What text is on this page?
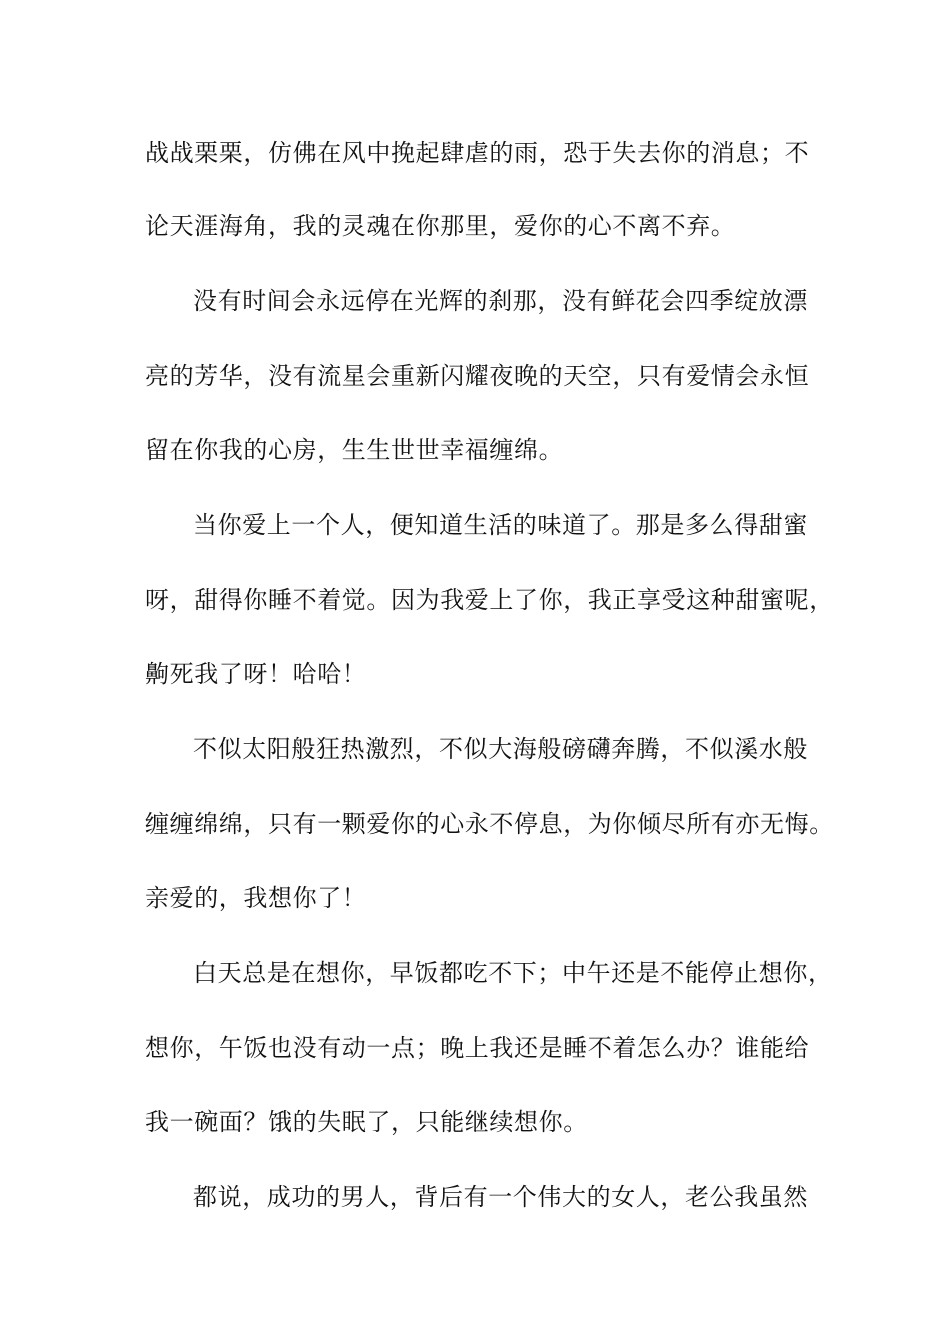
战战栗栗，仿佛在风中挽起肆虐的雨，恐于失去你的消息；不
论天涯海角，我的灵魂在你那里，爱你的心不离不弃。
没有时间会永远停在光辉的刹那，没有鲜花会四季绽放漂
亮的芳华，没有流星会重新闪耀夜晚的天空，只有爱情会永恒
留在你我的心房，生生世世幸福缠绵。
当你爱上一个人，便知道生活的味道了。那是多么得甜蜜
呀，甜得你睡不着觉。因为我爱上了你，我正享受这种甜蜜呢，
齁死我了呀！哈哈！
不似太阳般狂热激烈，不似大海般磅礴奔腾，不似溪水般
缠缠绵绵，只有一颗爱你的心永不停息，为你倾尽所有亦无悔。
亲爱的，我想你了！
白天总是在想你，早饭都吃不下；中午还是不能停止想你，
想你，午饭也没有动一点；晚上我还是睡不着怎么办？谁能给
我一碗面？饿的失眠了，只能继续想你。
都说，成功的男人，背后有一个伟大的女人，老公我虽然
